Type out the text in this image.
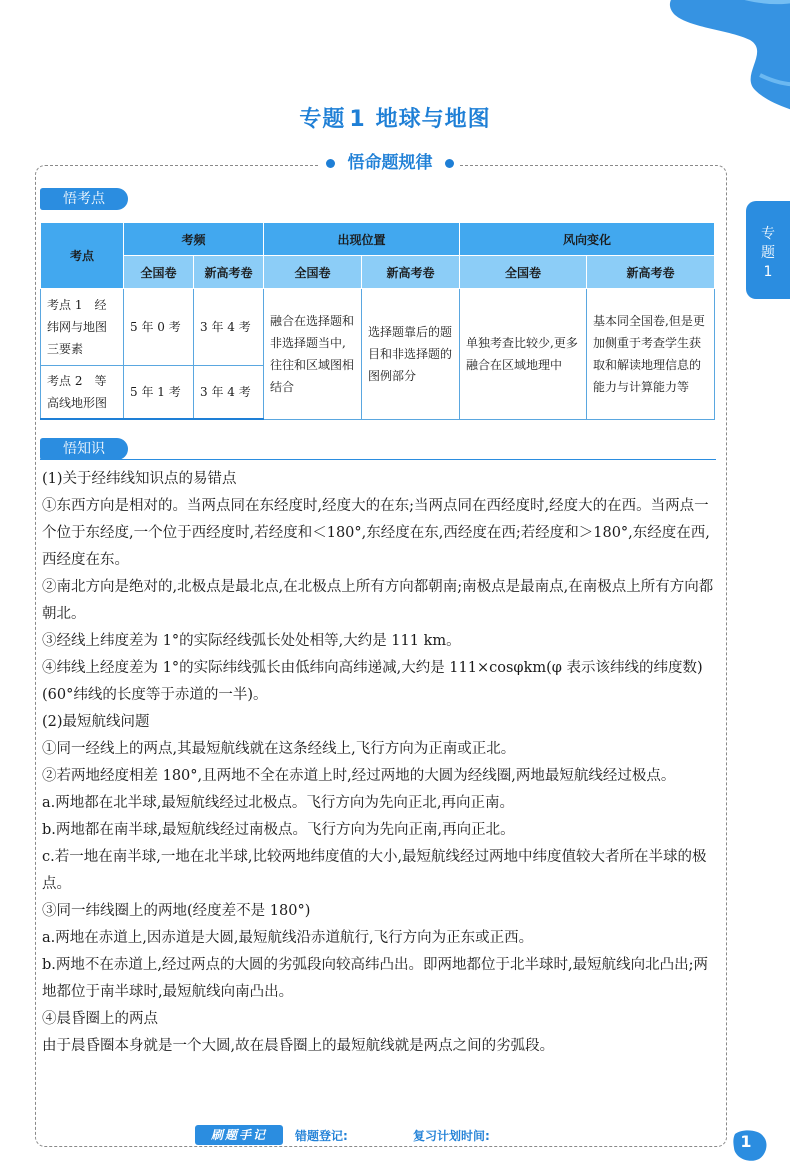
专题 1 地球与地图
悟命题规律
专
题
1
悟考点
考点	考频		出现位置		风向变化	
	全国卷	新高考卷	全国卷	新高考卷	全国卷	新高考卷
考点 1　经纬网与地图三要素	5 年 0 考	3 年 4 考	融合在选择题和非选择题当中,往往和区域图相结合	选择题靠后的题目和非选择题的图例部分	单独考查比较少,更多融合在区域地理中	基本同全国卷,但是更加侧重于考查学生获取和解读地理信息的能力与计算能力等
考点 2　等高线地形图	5 年 1 考	3 年 4 考				
悟知识

(1)关于经纬线知识点的易错点

①东西方向是相对的。当两点同在东经度时,经度大的在东;当两点同在西经度时,经度大的在西。当两点一个位于东经度,一个位于西经度时,若经度和＜180°,东经度在东,西经度在西;若经度和＞180°,东经度在西,西经度在东。

②南北方向是绝对的,北极点是最北点,在北极点上所有方向都朝南;南极点是最南点,在南极点上所有方向都朝北。

③经线上纬度差为 1°的实际经线弧长处处相等,大约是 111 km。

④纬线上经度差为 1°的实际纬线弧长由低纬向高纬递减,大约是 111×cosφkm(φ 表示该纬线的纬度数)(60°纬线的长度等于赤道的一半)。

(2)最短航线问题

①同一经线上的两点,其最短航线就在这条经线上,飞行方向为正南或正北。

②若两地经度相差 180°,且两地不全在赤道上时,经过两地的大圆为经线圈,两地最短航线经过极点。

a.两地都在北半球,最短航线经过北极点。飞行方向为先向正北,再向正南。

b.两地都在南半球,最短航线经过南极点。飞行方向为先向正南,再向正北。

c.若一地在南半球,一地在北半球,比较两地纬度值的大小,最短航线经过两地中纬度值较大者所在半球的极点。

③同一纬线圈上的两地(经度差不是 180°)

a.两地在赤道上,因赤道是大圆,最短航线沿赤道航行,飞行方向为正东或正西。

b.两地不在赤道上,经过两点的大圆的劣弧段向较高纬凸出。即两地都位于北半球时,最短航线向北凸出;两地都位于南半球时,最短航线向南凸出。

④晨昏圈上的两点

由于晨昏圈本身就是一个大圆,故在晨昏圈上的最短航线就是两点之间的劣弧段。

刷题手记	错题登记:	复习计划时间:	1
